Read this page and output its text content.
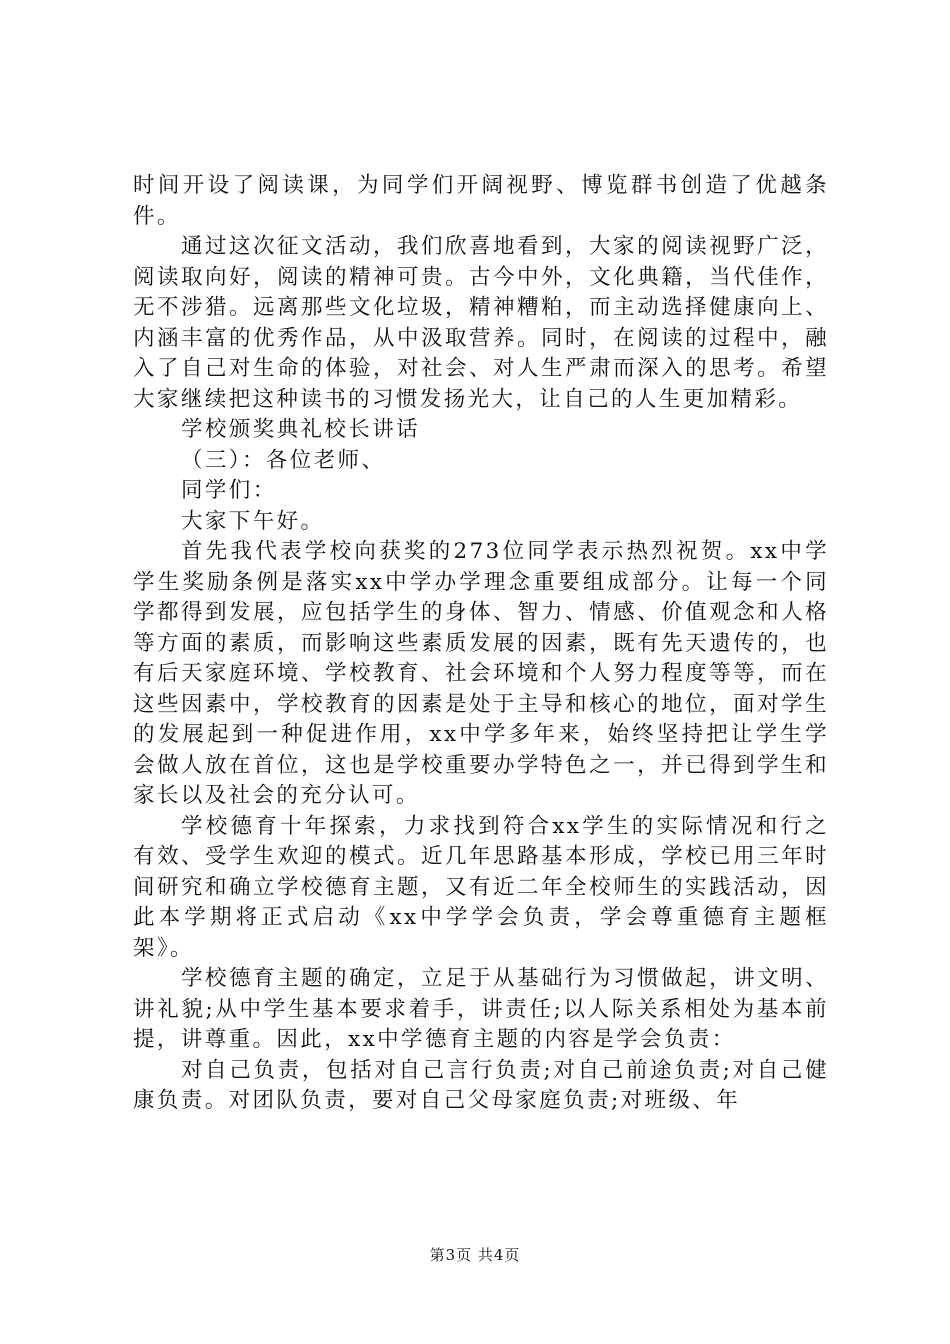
时间开设了阅读课，为同学们开阔视野、博览群书创造了优越条件。

通过这次征文活动，我们欣喜地看到，大家的阅读视野广泛，阅读取向好，阅读的精神可贵。古今中外，文化典籍，当代佳作，无不涉猎。远离那些文化垃圾，精神糟粕，而主动选择健康向上、内涵丰富的优秀作品，从中汲取营养。同时，在阅读的过程中，融入了自己对生命的体验，对社会、对人生严肃而深入的思考。希望大家继续把这种读书的习惯发扬光大，让自己的人生更加精彩。

学校颁奖典礼校长讲话

（三）：各位老师、

同学们：

大家下午好。

首先我代表学校向获奖的273位同学表示热烈祝贺。xx中学学生奖励条例是落实xx中学办学理念重要组成部分。让每一个同学都得到发展，应包括学生的身体、智力、情感、价值观念和人格等方面的素质，而影响这些素质发展的因素，既有先天遗传的，也有后天家庭环境、学校教育、社会环境和个人努力程度等等，而在这些因素中，学校教育的因素是处于主导和核心的地位，面对学生的发展起到一种促进作用，xx中学多年来，始终坚持把让学生学会做人放在首位，这也是学校重要办学特色之一，并已得到学生和家长以及社会的充分认可。

学校德育十年探索，力求找到符合xx学生的实际情况和行之有效、受学生欢迎的模式。近几年思路基本形成，学校已用三年时间研究和确立学校德育主题，又有近二年全校师生的实践活动，因此本学期将正式启动《xx中学学会负责，学会尊重德育主题框架》。

学校德育主题的确定，立足于从基础行为习惯做起，讲文明、讲礼貌;从中学生基本要求着手，讲责任;以人际关系相处为基本前提，讲尊重。因此，xx中学德育主题的内容是学会负责：

对自己负责，包括对自己言行负责;对自己前途负责;对自己健康负责。对团队负责，要对自己父母家庭负责;对班级、年

第3页 共4页
